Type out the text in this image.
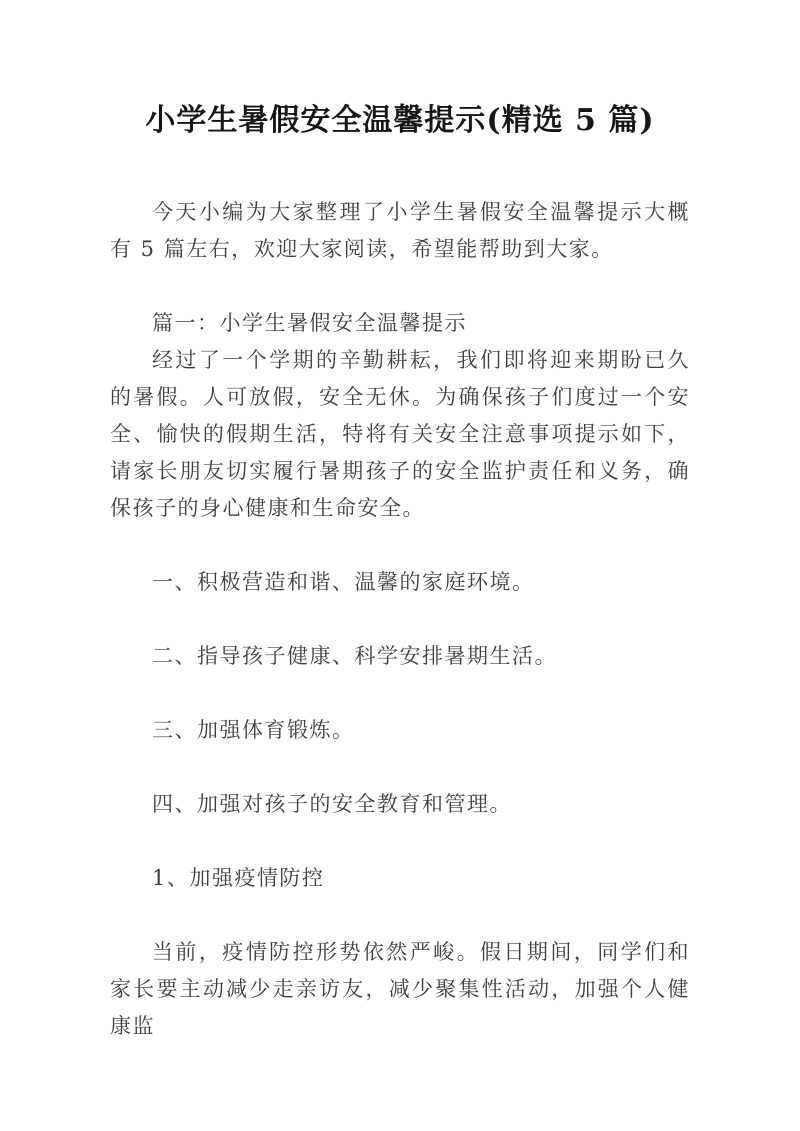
小学生暑假安全温馨提示(精选 5 篇)

今天小编为大家整理了小学生暑假安全温馨提示大概有 5 篇左右，欢迎大家阅读，希望能帮助到大家。

篇一：小学生暑假安全温馨提示

经过了一个学期的辛勤耕耘，我们即将迎来期盼已久的暑假。人可放假，安全无休。为确保孩子们度过一个安全、愉快的假期生活，特将有关安全注意事项提示如下，请家长朋友切实履行暑期孩子的安全监护责任和义务，确保孩子的身心健康和生命安全。

一、积极营造和谐、温馨的家庭环境。

二、指导孩子健康、科学安排暑期生活。

三、加强体育锻炼。

四、加强对孩子的安全教育和管理。

1、加强疫情防控

当前，疫情防控形势依然严峻。假日期间，同学们和家长要主动减少走亲访友，减少聚集性活动，加强个人健康监
